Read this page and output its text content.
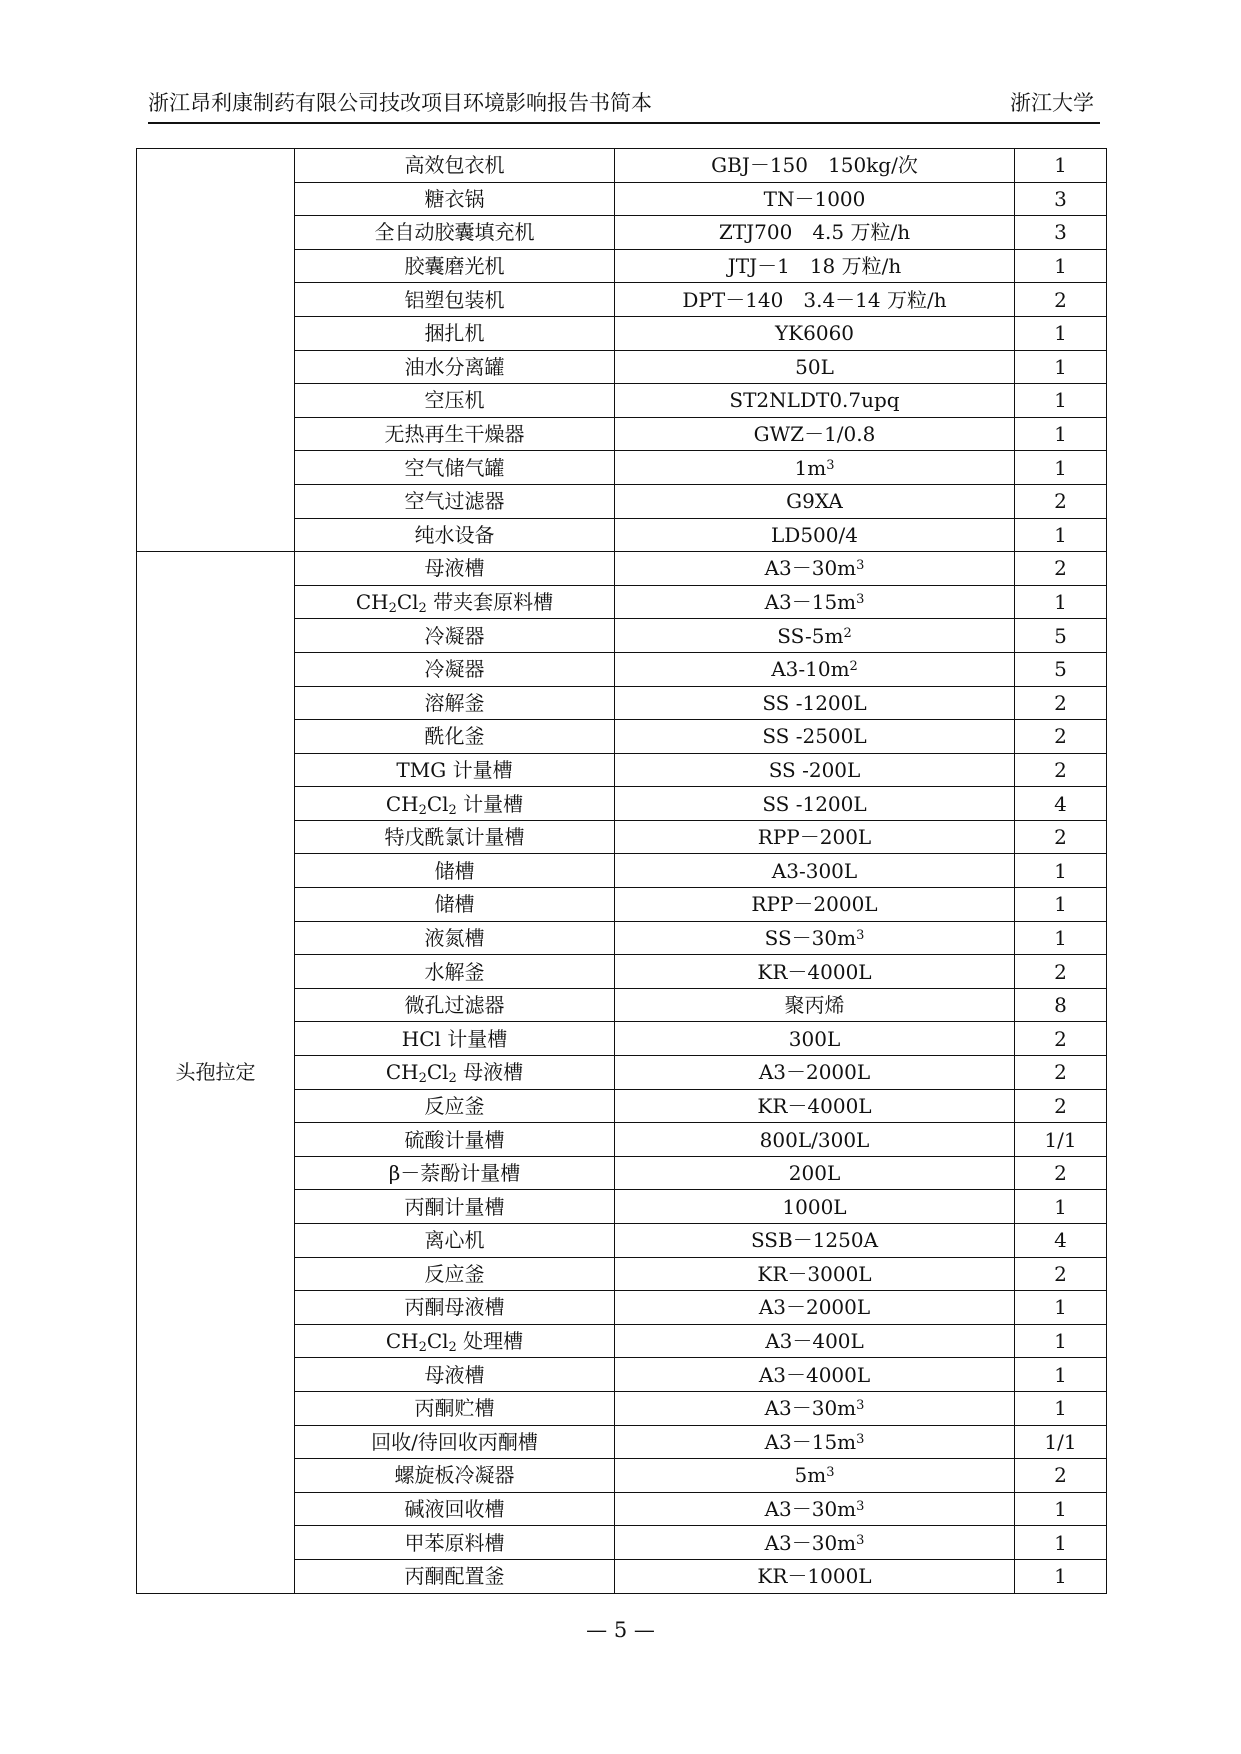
浙江昂利康制药有限公司技改项目环境影响报告书简本	浙江大学
	高效包衣机	GBJ－150　150kg/次	1
	糖衣锅	TN－1000	3
	全自动胶囊填充机	ZTJ700　4.5 万粒/h	3
	胶囊磨光机	JTJ－1　18 万粒/h	1
	铝塑包装机	DPT－140　3.4－14 万粒/h	2
	捆扎机	YK6060	1
	油水分离罐	50L	1
	空压机	ST2NLDT0.7upq	1
	无热再生干燥器	GWZ－1/0.8	1
	空气储气罐	$1m^3$	1
	空气过滤器	G9XA	2
	纯水设备	LD500/4	1
头孢拉定	母液槽	$A3-30m^3$	2
	$CH_2Cl_2$ 带夹套原料槽	$A3-15m^3$	1
	冷凝器	$SS-5m^2$	5
	冷凝器	$A3-10m^2$	5
	溶解釜	SS -1200L	2
	酰化釜	SS -2500L	2
	TMG 计量槽	SS -200L	2
	$CH_2Cl_2$ 计量槽	SS -1200L	4
	特戊酰氯计量槽	RPP－200L	2
	储槽	A3-300L	1
	储槽	RPP－2000L	1
	液氮槽	$SS-30m^3$	1
	水解釜	KR－4000L	2
	微孔过滤器	聚丙烯	8
	HCl 计量槽	300L	2
	$CH_2Cl_2$ 母液槽	A3－2000L	2
	反应釜	KR－4000L	2
	硫酸计量槽	800L/300L	1/1
	β－萘酚计量槽	200L	2
	丙酮计量槽	1000L	1
	离心机	SSB－1250A	4
	反应釜	KR－3000L	2
	丙酮母液槽	A3－2000L	1
	$CH_2Cl_2$ 处理槽	A3－400L	1
	母液槽	A3－4000L	1
	丙酮贮槽	$A3-30m^3$	1
	回收/待回收丙酮槽	$A3-15m^3$	1/1
	螺旋板冷凝器	$5m^3$	2
	碱液回收槽	$A3-30m^3$	1
	甲苯原料槽	$A3-30m^3$	1
	丙酮配置釜	KR－1000L	1
— 5 —
